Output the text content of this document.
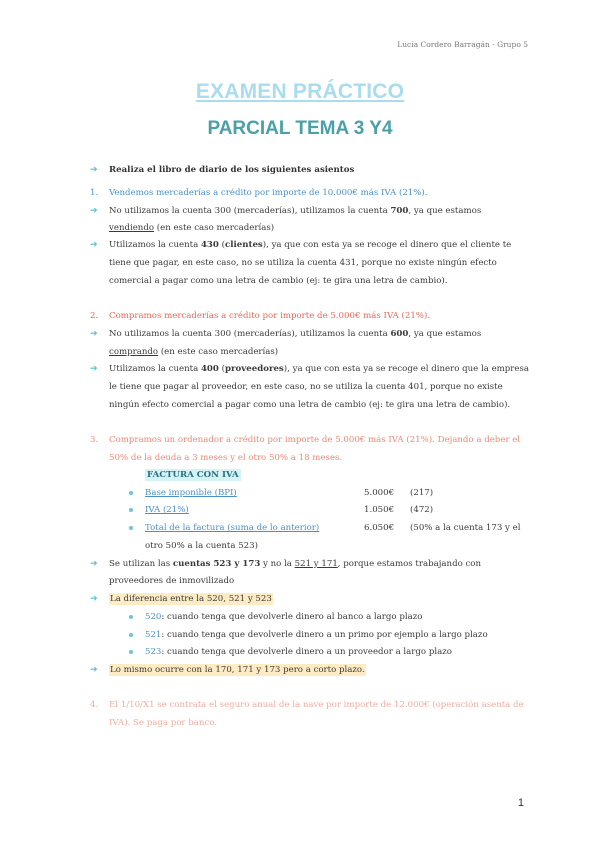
Lucía Cordero Barragán - Grupo 5
EXAMEN PRÁCTICO
PARCIAL TEMA 3 Y4
➔ Realiza el libro de diario de los siguientes asientos
1. Vendemos mercaderías a crédito por importe de 10.000€ más IVA (21%).
➔ No utilizamos la cuenta 300 (mercaderías), utilizamos la cuenta 700, ya que estamos
vendiendo (en este caso mercaderías)
➔ Utilizamos la cuenta 430 (clientes), ya que con esta ya se recoge el dinero que el cliente te
tiene que pagar, en este caso, no se utiliza la cuenta 431, porque no existe ningún efecto
comercial a pagar como una letra de cambio (ej: te gira una letra de cambio).
2. Compramos mercaderías a crédito por importe de 5.000€ más IVA (21%).
➔ No utilizamos la cuenta 300 (mercaderías), utilizamos la cuenta 600, ya que estamos
comprando (en este caso mercaderías)
➔ Utilizamos la cuenta 400 (proveedores), ya que con esta ya se recoge el dinero que la empresa
le tiene que pagar al proveedor, en este caso, no se utiliza la cuenta 401, porque no existe
ningún efecto comercial a pagar como una letra de cambio (ej: te gira una letra de cambio).
3. Compramos un ordenador a crédito por importe de 5.000€ más IVA (21%). Dejando a deber el
50% de la deuda a 3 meses y el otro 50% a 18 meses.
FACTURA CON IVA
Base imponible (BPI)	5.000€ (217)
IVA (21%)	1.050€ (472)
Total de la factura (suma de lo anterior)	6.050€ (50% a la cuenta 173 y el
otro 50% a la cuenta 523)
➔ Se utilizan las cuentas 523 y 173 y no la 521 y 171, porque estamos trabajando con
proveedores de inmovilizado
➔ La diferencia entre la 520, 521 y 523
520: cuando tenga que devolverle dinero al banco a largo plazo
521: cuando tenga que devolverle dinero a un primo por ejemplo a largo plazo
523: cuando tenga que devolverle dinero a un proveedor a largo plazo
➔ Lo mismo ocurre con la 170, 171 y 173 pero a corto plazo.
4. El 1/10/X1 se contrata el seguro anual de la nave por importe de 12.000€ (operación asenta de
IVA). Se paga por banco.
1
